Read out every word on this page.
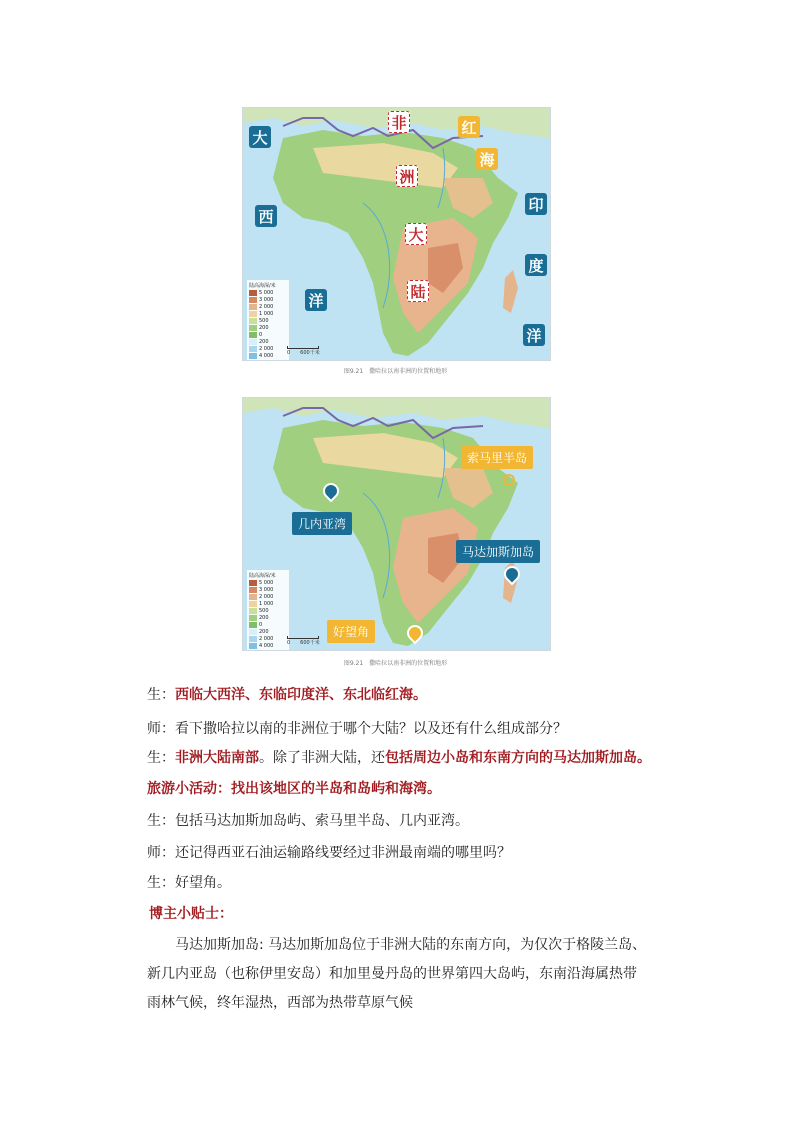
大
西
洋
非
洲
大
陆
红
海
印
度
洋
陆高海深/米
5 000
3 000
2 000
1 000
500
200
0
200
2 000
4 000	0　　600千米
图9.21　撒哈拉以南非洲的位置和地形
索马里半岛
几内亚湾
马达加斯加岛
好望角
陆高海深/米
5 000
3 000
2 000
1 000
500
200
0
200
2 000
4 000	0　　600千米
图9.21　撒哈拉以南非洲的位置和地形
生：西临大西洋、东临印度洋、东北临红海。
师：看下撒哈拉以南的非洲位于哪个大陆？以及还有什么组成部分？
生：非洲大陆南部。除了非洲大陆，还包括周边小岛和东南方向的马达加斯加岛。
旅游小活动：找出该地区的半岛和岛屿和海湾。
生：包括马达加斯加岛屿、索马里半岛、几内亚湾。
师：还记得西亚石油运输路线要经过非洲最南端的哪里吗？
生：好望角。
博主小贴士：
马达加斯加岛: 马达加斯加岛位于非洲大陆的东南方向，为仅次于格陵兰岛、新几内亚岛（也称伊里安岛）和加里曼丹岛的世界第四大岛屿，东南沿海属热带雨林气候，终年湿热，西部为热带草原气候
